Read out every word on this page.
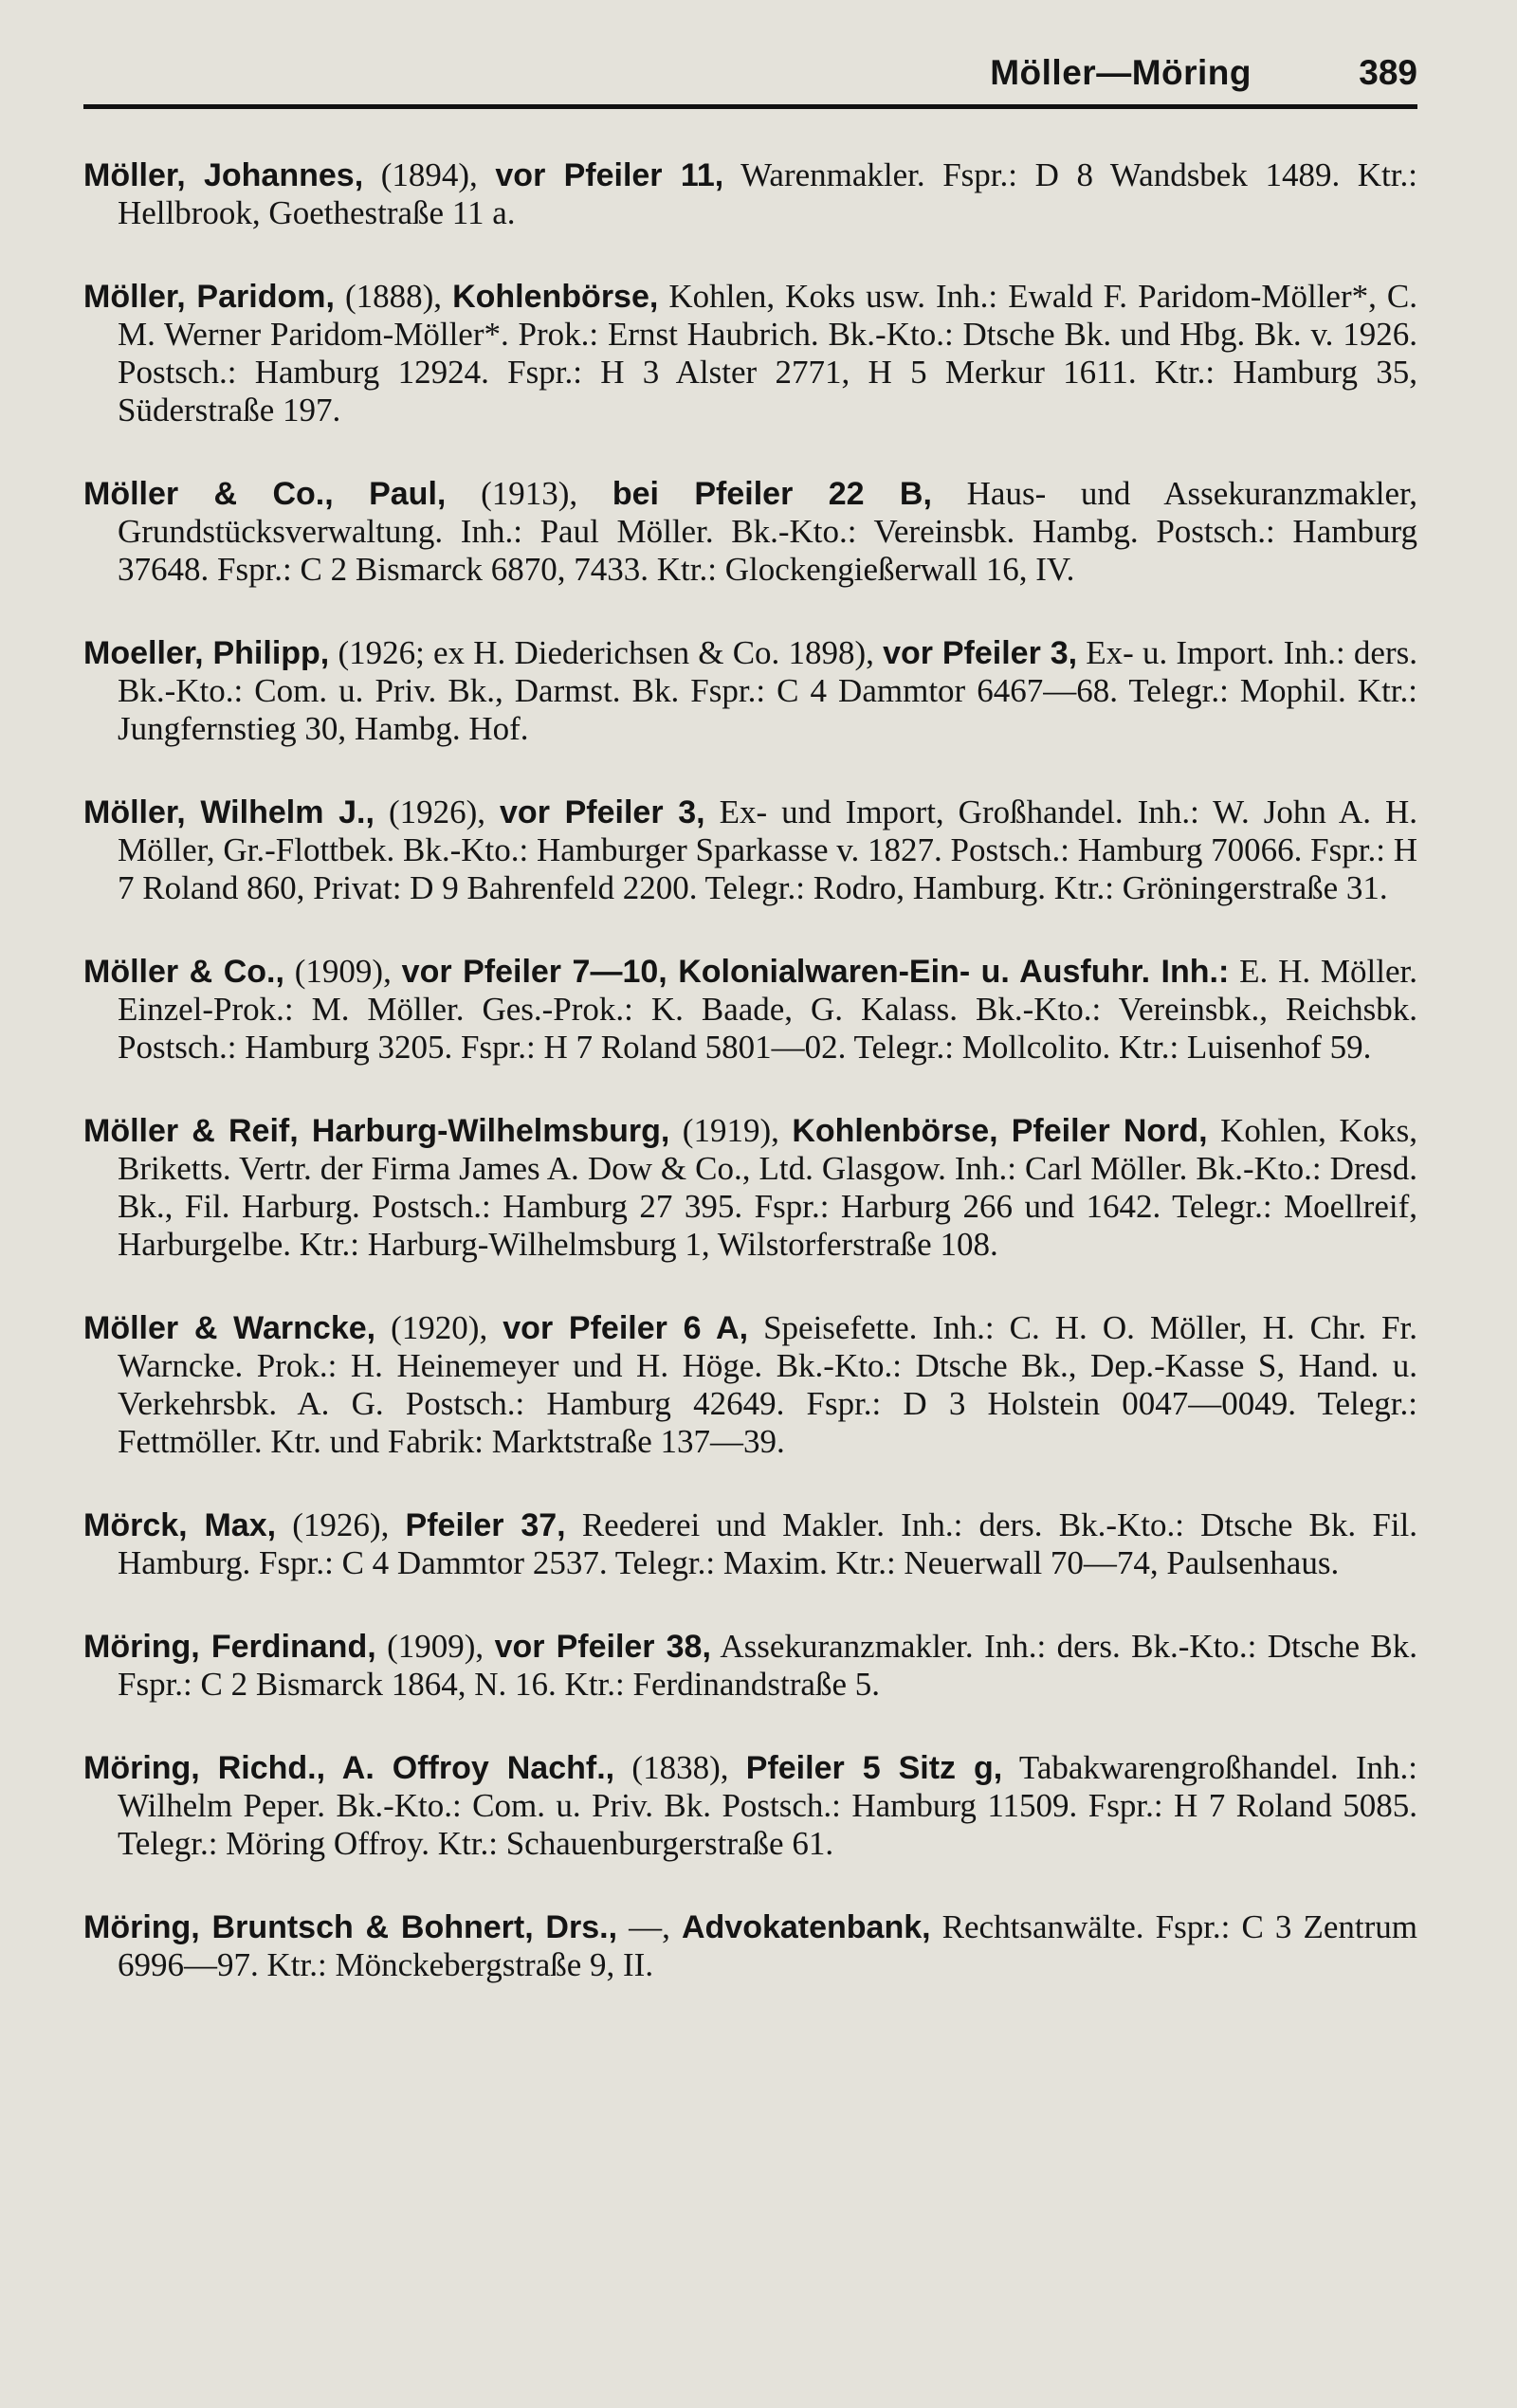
Möller—Möring	389

Möller, Johannes, (1894), vor Pfeiler 11, Warenmakler. Fspr.: D 8 Wandsbek 1489. Ktr.: Hellbrook, Goethestraße 11 a.

Möller, Paridom, (1888), Kohlenbörse, Kohlen, Koks usw. Inh.: Ewald F. Paridom-Möller*, C. M. Werner Paridom-Möller*. Prok.: Ernst Haubrich. Bk.-Kto.: Dtsche Bk. und Hbg. Bk. v. 1926. Postsch.: Hamburg 12924. Fspr.: H 3 Alster 2771, H 5 Merkur 1611. Ktr.: Hamburg 35, Süderstraße 197.

Möller & Co., Paul, (1913), bei Pfeiler 22 B, Haus- und Assekuranzmakler, Grundstücksverwaltung. Inh.: Paul Möller. Bk.-Kto.: Vereinsbk. Hambg. Postsch.: Hamburg 37648. Fspr.: C 2 Bismarck 6870, 7433. Ktr.: Glockengießerwall 16, IV.

Moeller, Philipp, (1926; ex H. Diederichsen & Co. 1898), vor Pfeiler 3, Ex- u. Import. Inh.: ders. Bk.-Kto.: Com. u. Priv. Bk., Darmst. Bk. Fspr.: C 4 Dammtor 6467—68. Telegr.: Mophil. Ktr.: Jungfernstieg 30, Hambg. Hof.

Möller, Wilhelm J., (1926), vor Pfeiler 3, Ex- und Import, Großhandel. Inh.: W. John A. H. Möller, Gr.-Flottbek. Bk.-Kto.: Hamburger Sparkasse v. 1827. Postsch.: Hamburg 70066. Fspr.: H 7 Roland 860, Privat: D 9 Bahrenfeld 2200. Telegr.: Rodro, Hamburg. Ktr.: Gröningerstraße 31.

Möller & Co., (1909), vor Pfeiler 7—10, Kolonialwaren-Ein- u. Ausfuhr. Inh.: E. H. Möller. Einzel-Prok.: M. Möller. Ges.-Prok.: K. Baade, G. Kalass. Bk.-Kto.: Vereinsbk., Reichsbk. Postsch.: Hamburg 3205. Fspr.: H 7 Roland 5801—02. Telegr.: Mollcolito. Ktr.: Luisenhof 59.

Möller & Reif, Harburg-Wilhelmsburg, (1919), Kohlenbörse, Pfeiler Nord, Kohlen, Koks, Briketts. Vertr. der Firma James A. Dow & Co., Ltd. Glasgow. Inh.: Carl Möller. Bk.-Kto.: Dresd. Bk., Fil. Harburg. Postsch.: Hamburg 27 395. Fspr.: Harburg 266 und 1642. Telegr.: Moellreif, Harburgelbe. Ktr.: Harburg-Wilhelmsburg 1, Wilstorferstraße 108.

Möller & Warncke, (1920), vor Pfeiler 6 A, Speisefette. Inh.: C. H. O. Möller, H. Chr. Fr. Warncke. Prok.: H. Heinemeyer und H. Höge. Bk.-Kto.: Dtsche Bk., Dep.-Kasse S, Hand. u. Verkehrsbk. A. G. Postsch.: Hamburg 42649. Fspr.: D 3 Holstein 0047—0049. Telegr.: Fettmöller. Ktr. und Fabrik: Marktstraße 137—39.

Mörck, Max, (1926), Pfeiler 37, Reederei und Makler. Inh.: ders. Bk.-Kto.: Dtsche Bk. Fil. Hamburg. Fspr.: C 4 Dammtor 2537. Telegr.: Maxim. Ktr.: Neuerwall 70—74, Paulsenhaus.

Möring, Ferdinand, (1909), vor Pfeiler 38, Assekuranzmakler. Inh.: ders. Bk.-Kto.: Dtsche Bk. Fspr.: C 2 Bismarck 1864, N. 16. Ktr.: Ferdinandstraße 5.

Möring, Richd., A. Offroy Nachf., (1838), Pfeiler 5 Sitz g, Tabakwarengroßhandel. Inh.: Wilhelm Peper. Bk.-Kto.: Com. u. Priv. Bk. Postsch.: Hamburg 11509. Fspr.: H 7 Roland 5085. Telegr.: Möring Offroy. Ktr.: Schauenburgerstraße 61.

Möring, Bruntsch & Bohnert, Drs., —, Advokatenbank, Rechtsanwälte. Fspr.: C 3 Zentrum 6996—97. Ktr.: Mönckebergstraße 9, II.
